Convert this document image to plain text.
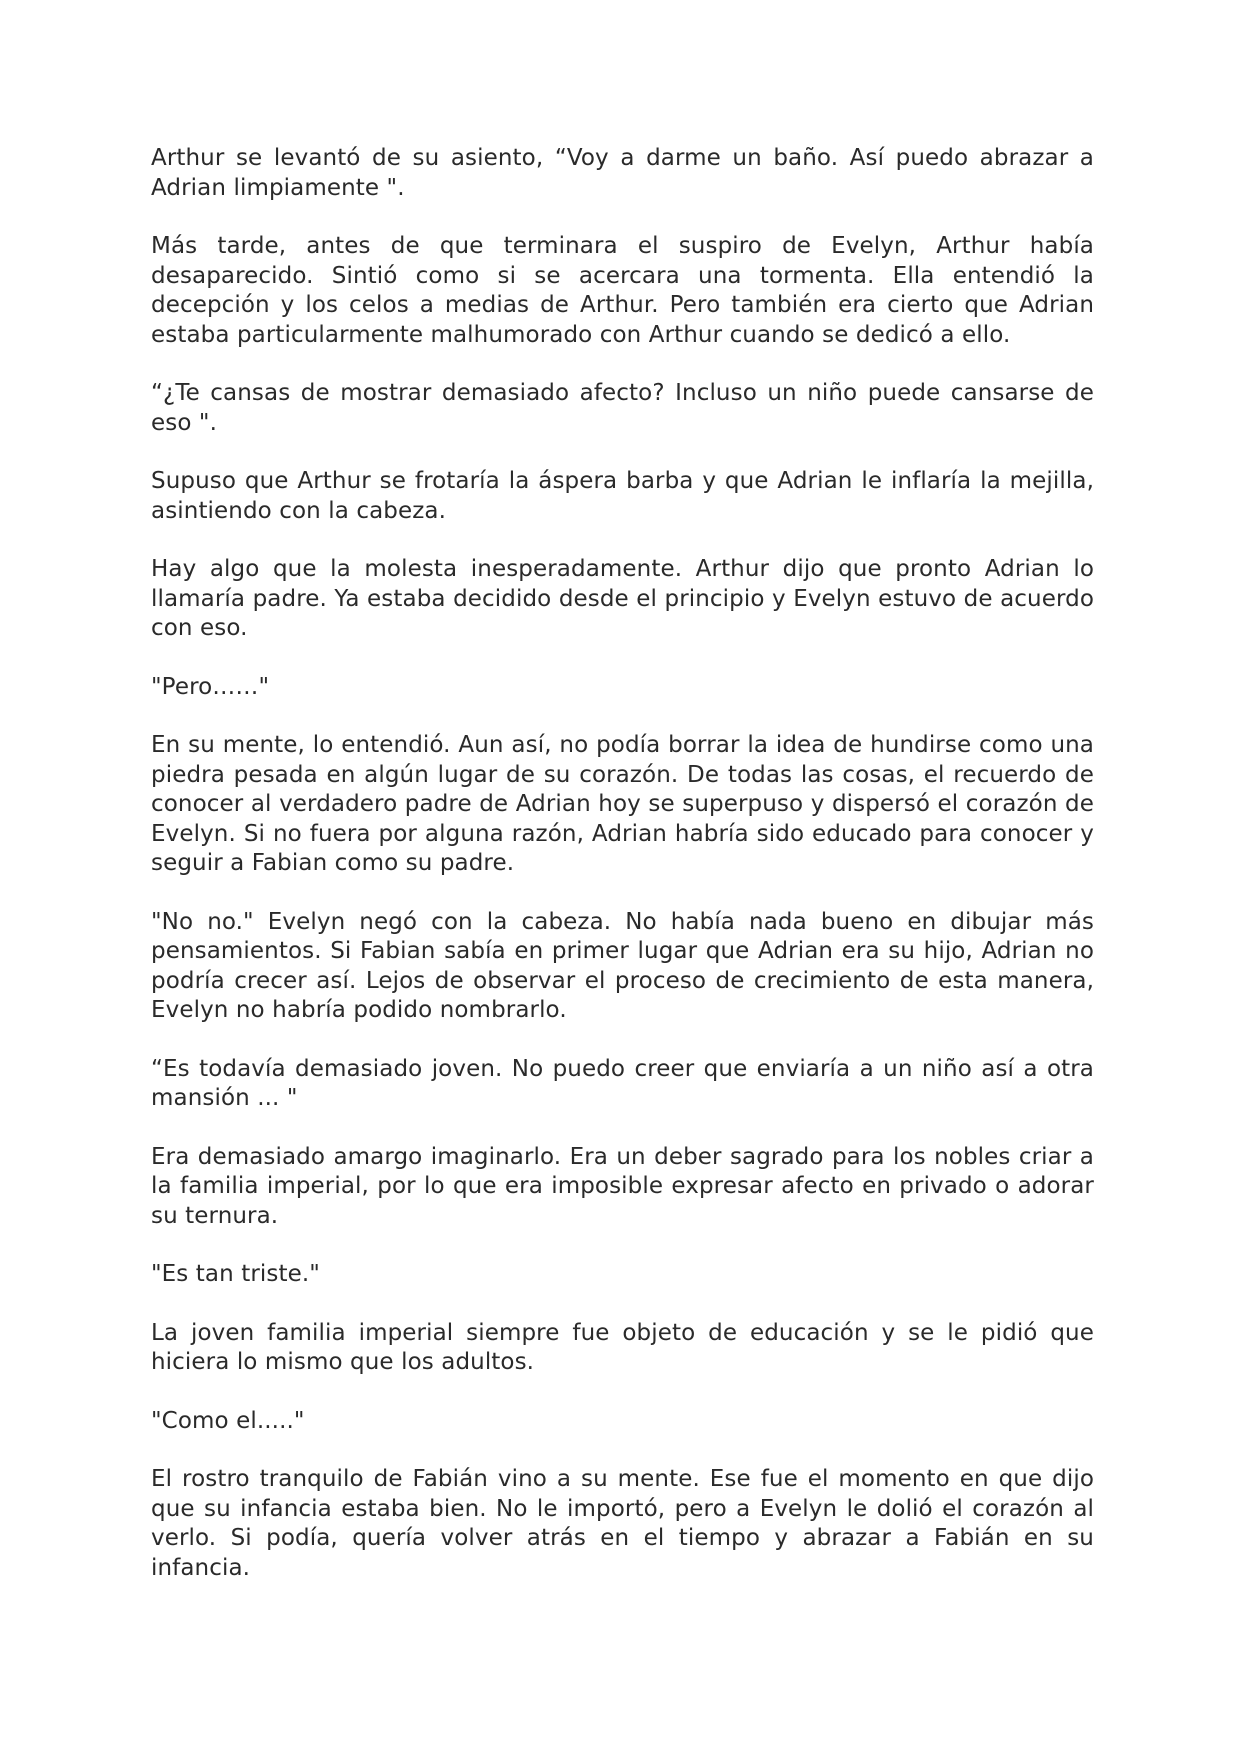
Arthur se levantó de su asiento, “Voy a darme un baño. Así puedo abrazar a Adrian limpiamente ".

Más tarde, antes de que terminara el suspiro de Evelyn, Arthur había desaparecido. Sintió como si se acercara una tormenta. Ella entendió la decepción y los celos a medias de Arthur. Pero también era cierto que Adrian estaba particularmente malhumorado con Arthur cuando se dedicó a ello.

“¿Te cansas de mostrar demasiado afecto? Incluso un niño puede cansarse de eso ".

Supuso que Arthur se frotaría la áspera barba y que Adrian le inflaría la mejilla, asintiendo con la cabeza.

Hay algo que la molesta inesperadamente. Arthur dijo que pronto Adrian lo llamaría padre. Ya estaba decidido desde el principio y Evelyn estuvo de acuerdo con eso.

"Pero……"

En su mente, lo entendió. Aun así, no podía borrar la idea de hundirse como una piedra pesada en algún lugar de su corazón. De todas las cosas, el recuerdo de conocer al verdadero padre de Adrian hoy se superpuso y dispersó el corazón de Evelyn. Si no fuera por alguna razón, Adrian habría sido educado para conocer y seguir a Fabian como su padre.

"No no." Evelyn negó con la cabeza. No había nada bueno en dibujar más pensamientos. Si Fabian sabía en primer lugar que Adrian era su hijo, Adrian no podría crecer así. Lejos de observar el proceso de crecimiento de esta manera, Evelyn no habría podido nombrarlo.

“Es todavía demasiado joven. No puedo creer que enviaría a un niño así a otra mansión ... "

Era demasiado amargo imaginarlo. Era un deber sagrado para los nobles criar a la familia imperial, por lo que era imposible expresar afecto en privado o adorar su ternura.

"Es tan triste."

La joven familia imperial siempre fue objeto de educación y se le pidió que hiciera lo mismo que los adultos.

"Como el....."

El rostro tranquilo de Fabián vino a su mente. Ese fue el momento en que dijo que su infancia estaba bien. No le importó, pero a Evelyn le dolió el corazón al verlo. Si podía, quería volver atrás en el tiempo y abrazar a Fabián en su infancia.
